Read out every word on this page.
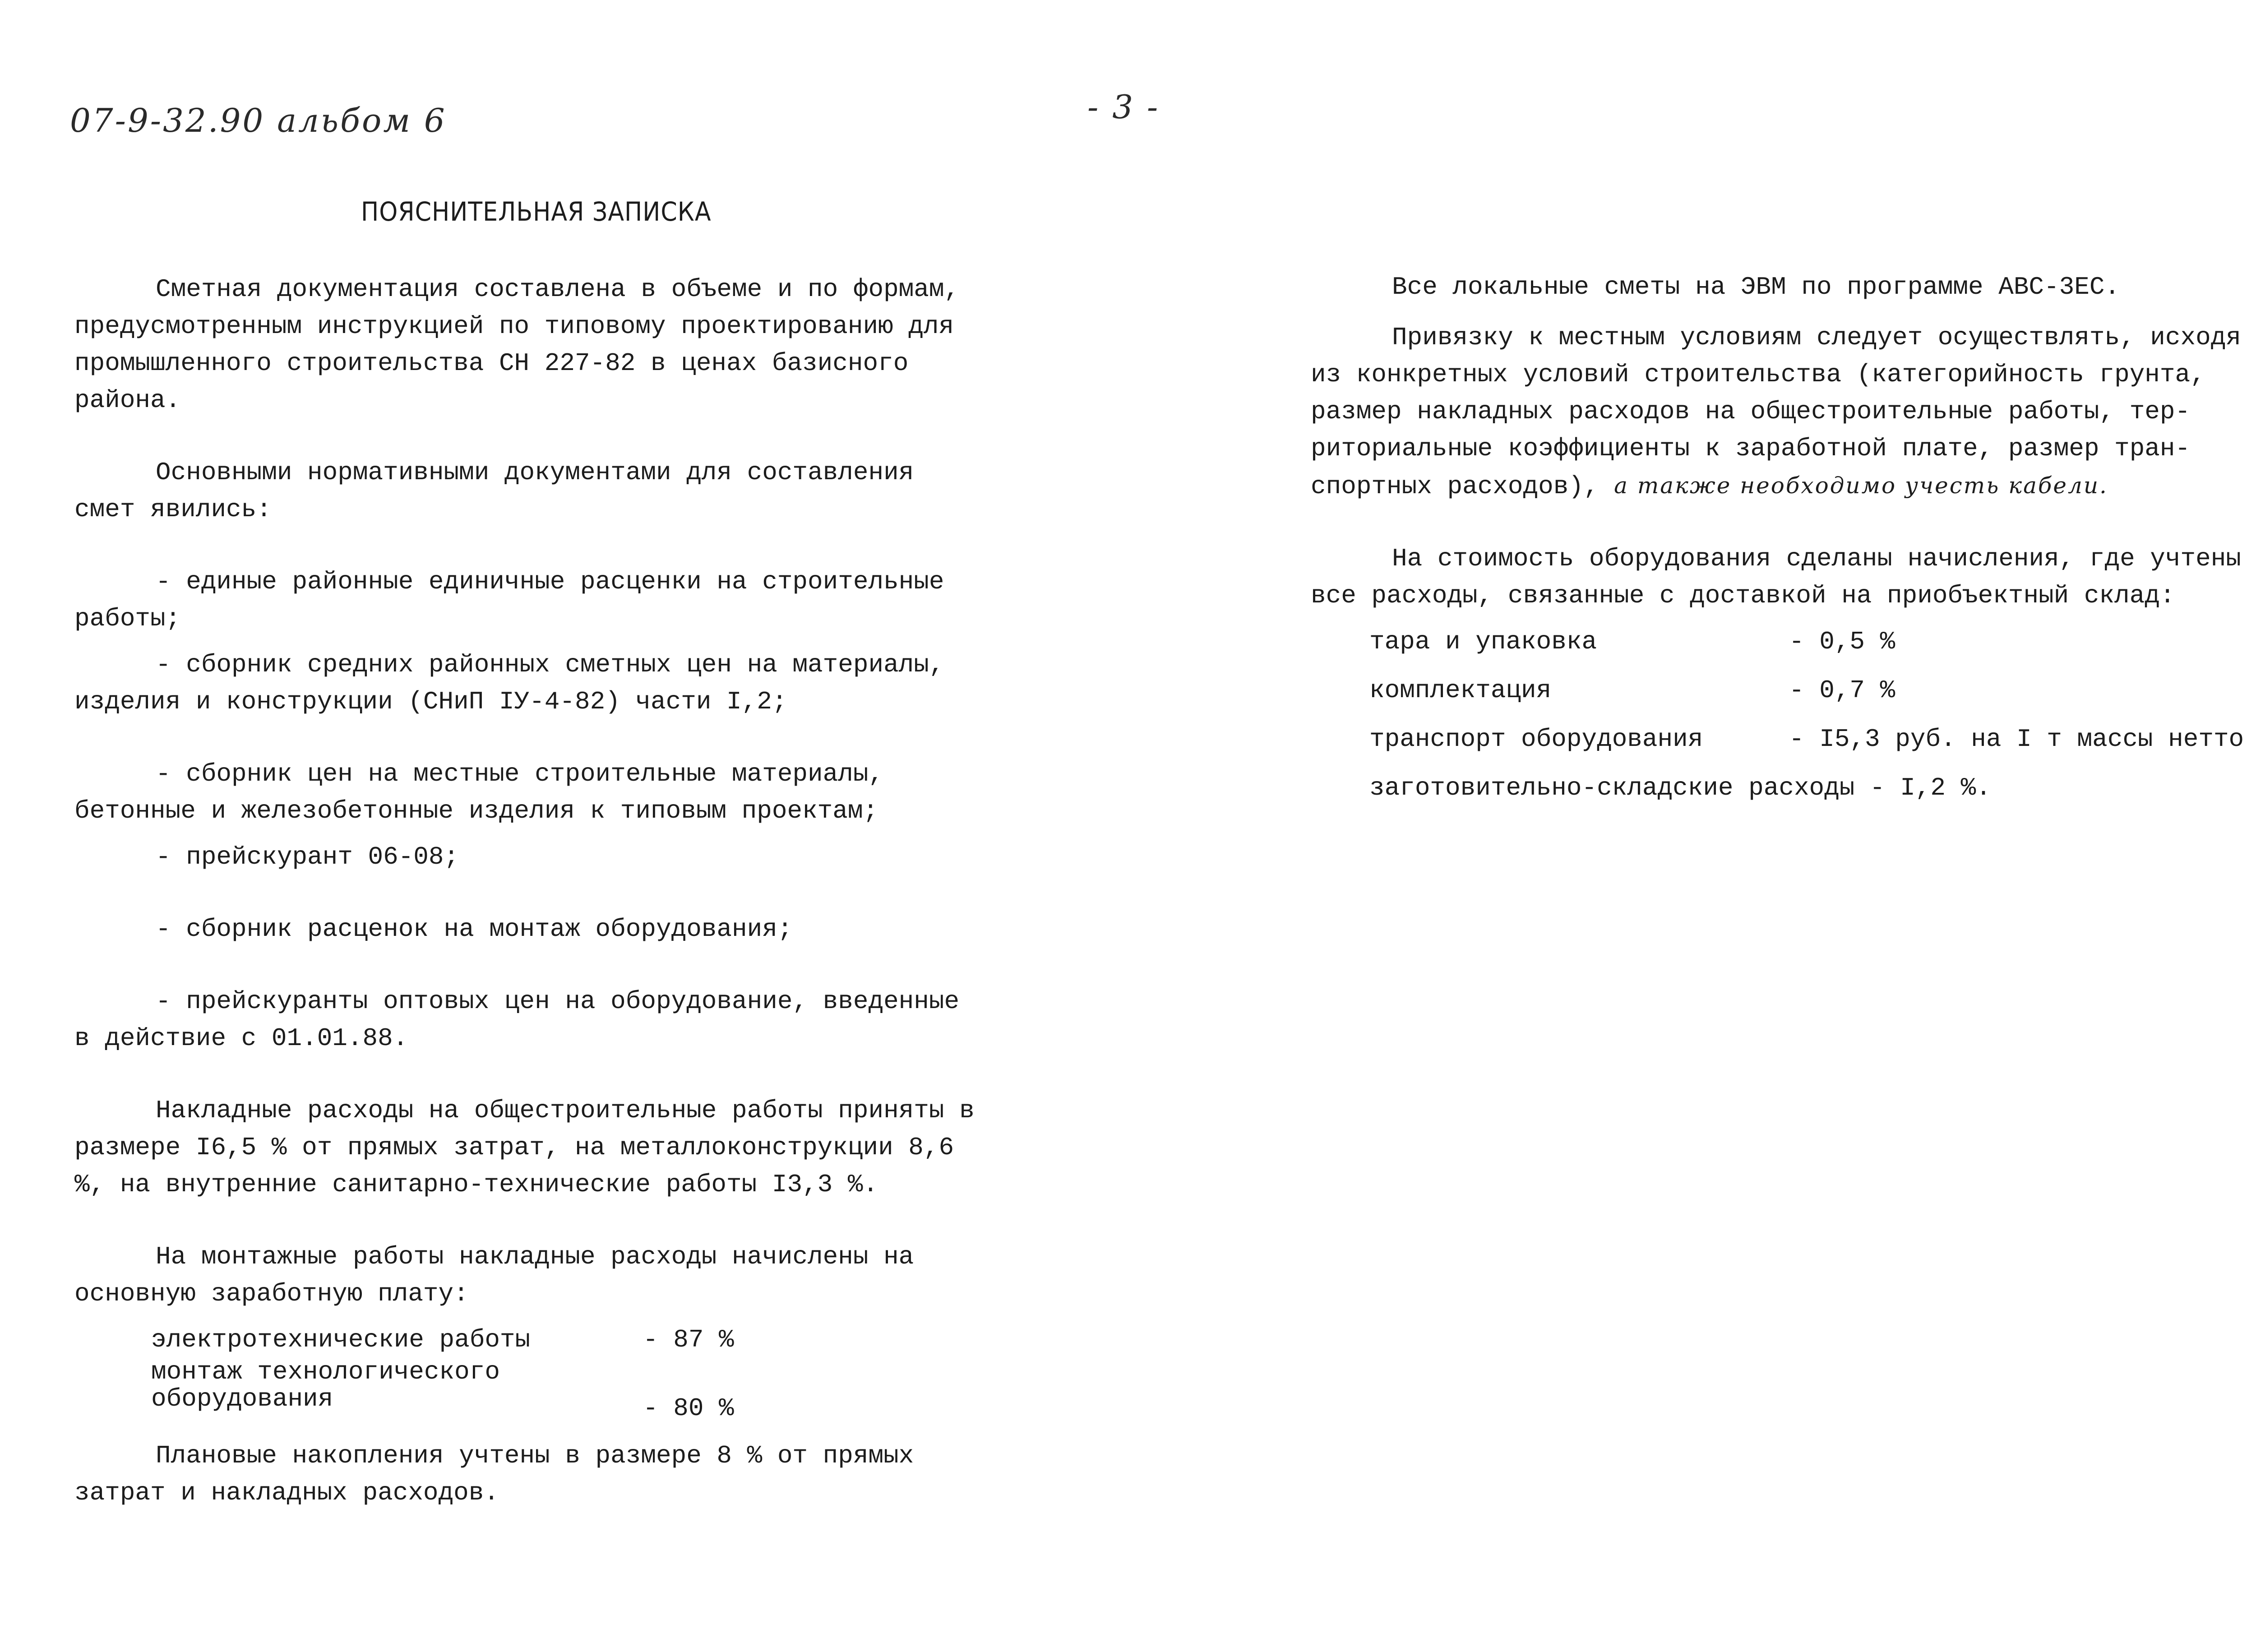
07-9-32.90 альбом 6	- 3 -
ПОЯСНИТЕЛЬНАЯ ЗАПИСКА

Сметная документация составлена в объеме и по формам, предусмотренным инструкцией по типовому проектированию для промышленного строительства СН 227-82 в ценах базисного района.

Основными нормативными документами для составления смет явились:

- единые районные единичные расценки на строительные работы;

- сборник средних районных сметных цен на материалы, изделия и конструкции (СНиП IУ-4-82) части I,2;

- сборник цен на местные строительные материалы, бетонные и железобетонные изделия к типовым проектам;

- прейскурант 06-08;

- сборник расценок на монтаж оборудования;

- прейскуранты оптовых цен на оборудование, введенные в действие с 01.01.88.

Накладные расходы на общестроительные работы приняты в размере I6,5 % от прямых затрат, на металлоконструкции 8,6 %, на внутренние санитарно-технические работы I3,3 %.

На монтажные работы накладные расходы начислены на основную заработную плату:

электротехнические работы	- 87 %
монтаж технологического
оборудования	- 80 %

Плановые накопления учтены в размере 8 % от прямых затрат и накладных расходов.

Все локальные сметы на ЭВМ по программе АВС-3ЕС.

Привязку к местным условиям следует осуществлять, исходя

из конкретных условий строительства (категорийность грунта,

размер накладных расходов на общестроительные работы, тер-

риториальные коэффициенты к заработной плате, размер тран-

спортных расходов), а также необходимо учесть кабели.

На стоимость оборудования сделаны начисления, где учтены все расходы, связанные с доставкой на приобъектный склад:

тара и упаковка	- 0,5 %
комплектация	- 0,7 %
транспорт оборудования	- I5,3 руб. на I т массы нетто
заготовительно-складские расходы - I,2 %.
